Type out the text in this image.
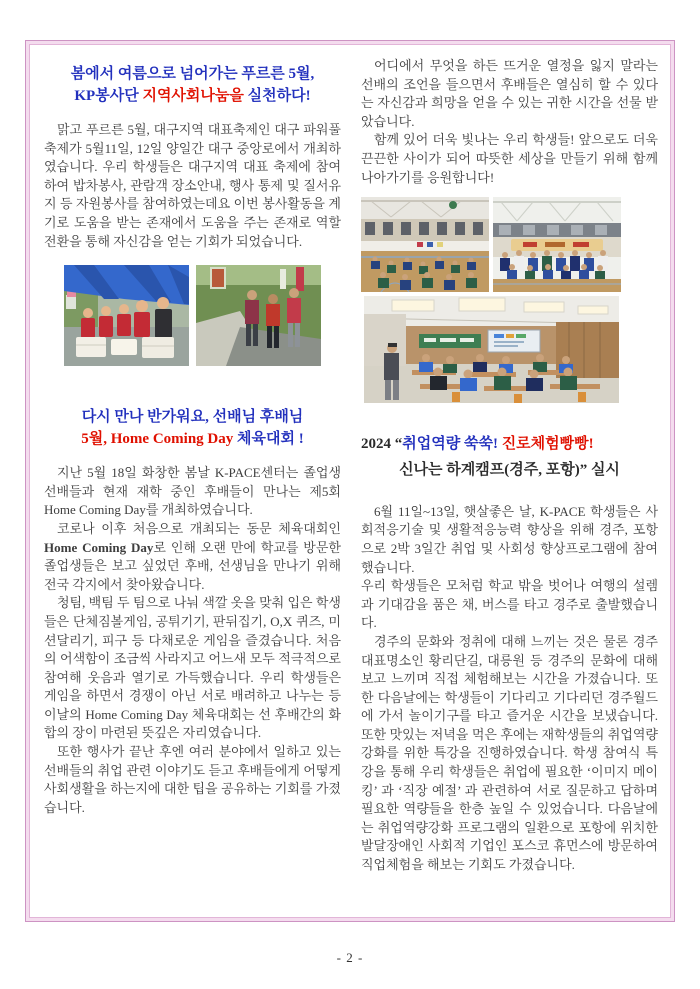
봄에서 여름으로 넘어가는 푸르른 5월,
KP봉사단 지역사회나눔을 실천하다!

맑고 푸르른 5월, 대구지역 대표축제인 대구 파워풀 축제가 5월11일, 12일 양일간 대구 중앙로에서 개최하였습니다. 우리 학생들은 대구지역 대표 축제에 참여하여 밥차봉사, 관람객 장소안내, 행사 통제 및 질서유지 등 자원봉사를 참여하였는데요 이번 봉사활동을 계기로 도움을 받는 존재에서 도움을 주는 존재로 역할전환을 통해 자신감을 얻는 기회가 되었습니다.

다시 만나 반가워요, 선배님 후배님
5월, Home Coming Day 체육대회 !

지난 5월 18일 화창한 봄날 K-PACE센터는 졸업생 선배들과 현재 재학 중인 후배들이 만나는 제5회 Home Coming Day를 개최하였습니다.

코로나 이후 처음으로 개최되는 동문 체육대회인 Home Coming Day로 인해 오랜 만에 학교를 방문한 졸업생들은 보고 싶었던 후배, 선생님을 만나기 위해 전국 각지에서 찾아왔습니다.

청팀, 백팀 두 팀으로 나눠 색깔 옷을 맞춰 입은 학생들은 단체짐볼게임, 공튀기기, 판뒤집기, O,X 퀴즈, 미션달리기, 피구 등 다채로운 게임을 즐겼습니다. 처음의 어색함이 조금씩 사라지고 어느새 모두 적극적으로 참여해 웃음과 열기로 가득했습니다. 우리 학생들은 게임을 하면서 경쟁이 아닌 서로 배려하고 나누는 등 이날의 Home Coming Day 체육대회는 선 후배간의 화합의 장이 마련된 뜻깊은 자리였습니다.

또한 행사가 끝난 후엔 여러 분야에서 일하고 있는 선배들의 취업 관련 이야기도 듣고 후배들에게 어떻게 사회생활을 하는지에 대한 팁을 공유하는 기회를 가졌습니다.

어디에서 무엇을 하든 뜨거운 열정을 잃지 말라는 선배의 조언을 들으면서 후배들은 열심히 할 수 있다는 자신감과 희망을 얻을 수 있는 귀한 시간을 선물 받았습니다.

함께 있어 더욱 빛나는 우리 학생들! 앞으로도 더욱 끈끈한 사이가 되어 따뜻한 세상을 만들기 위해 함께 나아가기를 응원합니다!

2024 “취업역량 쑥쑥! 진로체험빵빵!
신나는 하계캠프(경주, 포항)” 실시

6월 11일~13일, 햇살좋은 날, K-PACE 학생들은 사회적응기술 및 생활적응능력 향상을 위해 경주, 포항으로 2박 3일간 취업 및 사회성 향상프로그램에 참여했습니다.

우리 학생들은 모처럼 학교 밖을 벗어나 여행의 설렘과 기대감을 품은 채, 버스를 타고 경주로 출발했습니다.

경주의 문화와 정취에 대해 느끼는 것은 물론 경주 대표명소인 황리단길, 대릉원 등 경주의 문화에 대해 보고 느끼며 직접 체험해보는 시간을 가졌습니다. 또한 다음날에는 학생들이 기다리고 기다리던 경주월드에 가서 놀이기구를 타고 즐거운 시간을 보냈습니다. 또한 맛있는 저녁을 먹은 후에는 재학생들의 취업역량강화를 위한 특강을 진행하였습니다. 학생 참여식 특강을 통해 우리 학생들은 취업에 필요한 ‘이미지 메이킹’ 과 ‘직장 예절’ 과 관련하여 서로 질문하고 답하며 필요한 역량들을 한층 높일 수 있었습니다. 다음날에는 취업역량강화 프로그램의 일환으로 포항에 위치한 발달장애인 사회적 기업인 포스코 휴먼스에 방문하여 직업체험을 해보는 기회도 가졌습니다.

- 2 -
